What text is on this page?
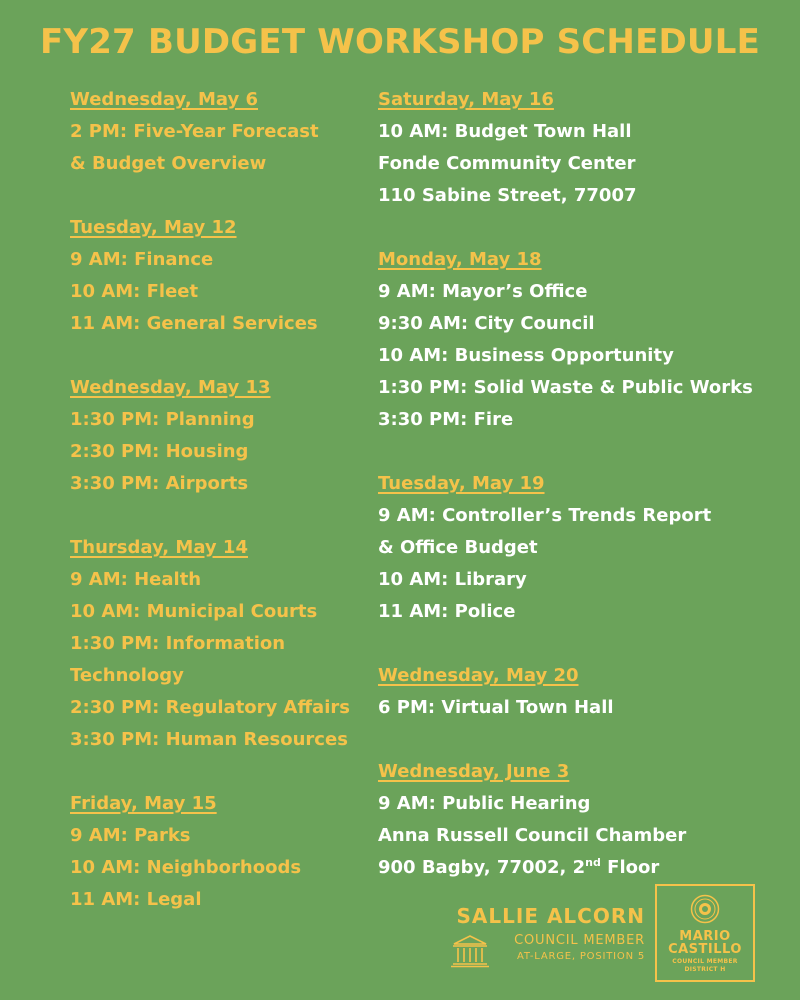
FY27 BUDGET WORKSHOP SCHEDULE
Wednesday, May 6
2 PM: Five-Year Forecast
& Budget Overview
Tuesday, May 12
9 AM: Finance
10 AM: Fleet
11 AM: General Services
Wednesday, May 13
1:30 PM: Planning
2:30 PM: Housing
3:30 PM: Airports
Thursday, May 14
9 AM: Health
10 AM: Municipal Courts
1:30 PM: Information
Technology
2:30 PM: Regulatory Affairs
3:30 PM: Human Resources
Friday, May 15
9 AM: Parks
10 AM: Neighborhoods
11 AM: Legal
Saturday, May 16
10 AM: Budget Town Hall
Fonde Community Center
110 Sabine Street, 77007
Monday, May 18
9 AM: Mayor’s Office
9:30 AM: City Council
10 AM: Business Opportunity
1:30 PM: Solid Waste & Public Works
3:30 PM: Fire
Tuesday, May 19
9 AM: Controller’s Trends Report
& Office Budget
10 AM: Library
11 AM: Police
Wednesday, May 20
6 PM: Virtual Town Hall
Wednesday, June 3
9 AM: Public Hearing
Anna Russell Council Chamber
900 Bagby, 77002, 2nd Floor
SALLIE ALCORN
COUNCIL MEMBER
AT-LARGE, POSITION 5
MARIO
CASTILLO
COUNCIL MEMBER
DISTRICT H
